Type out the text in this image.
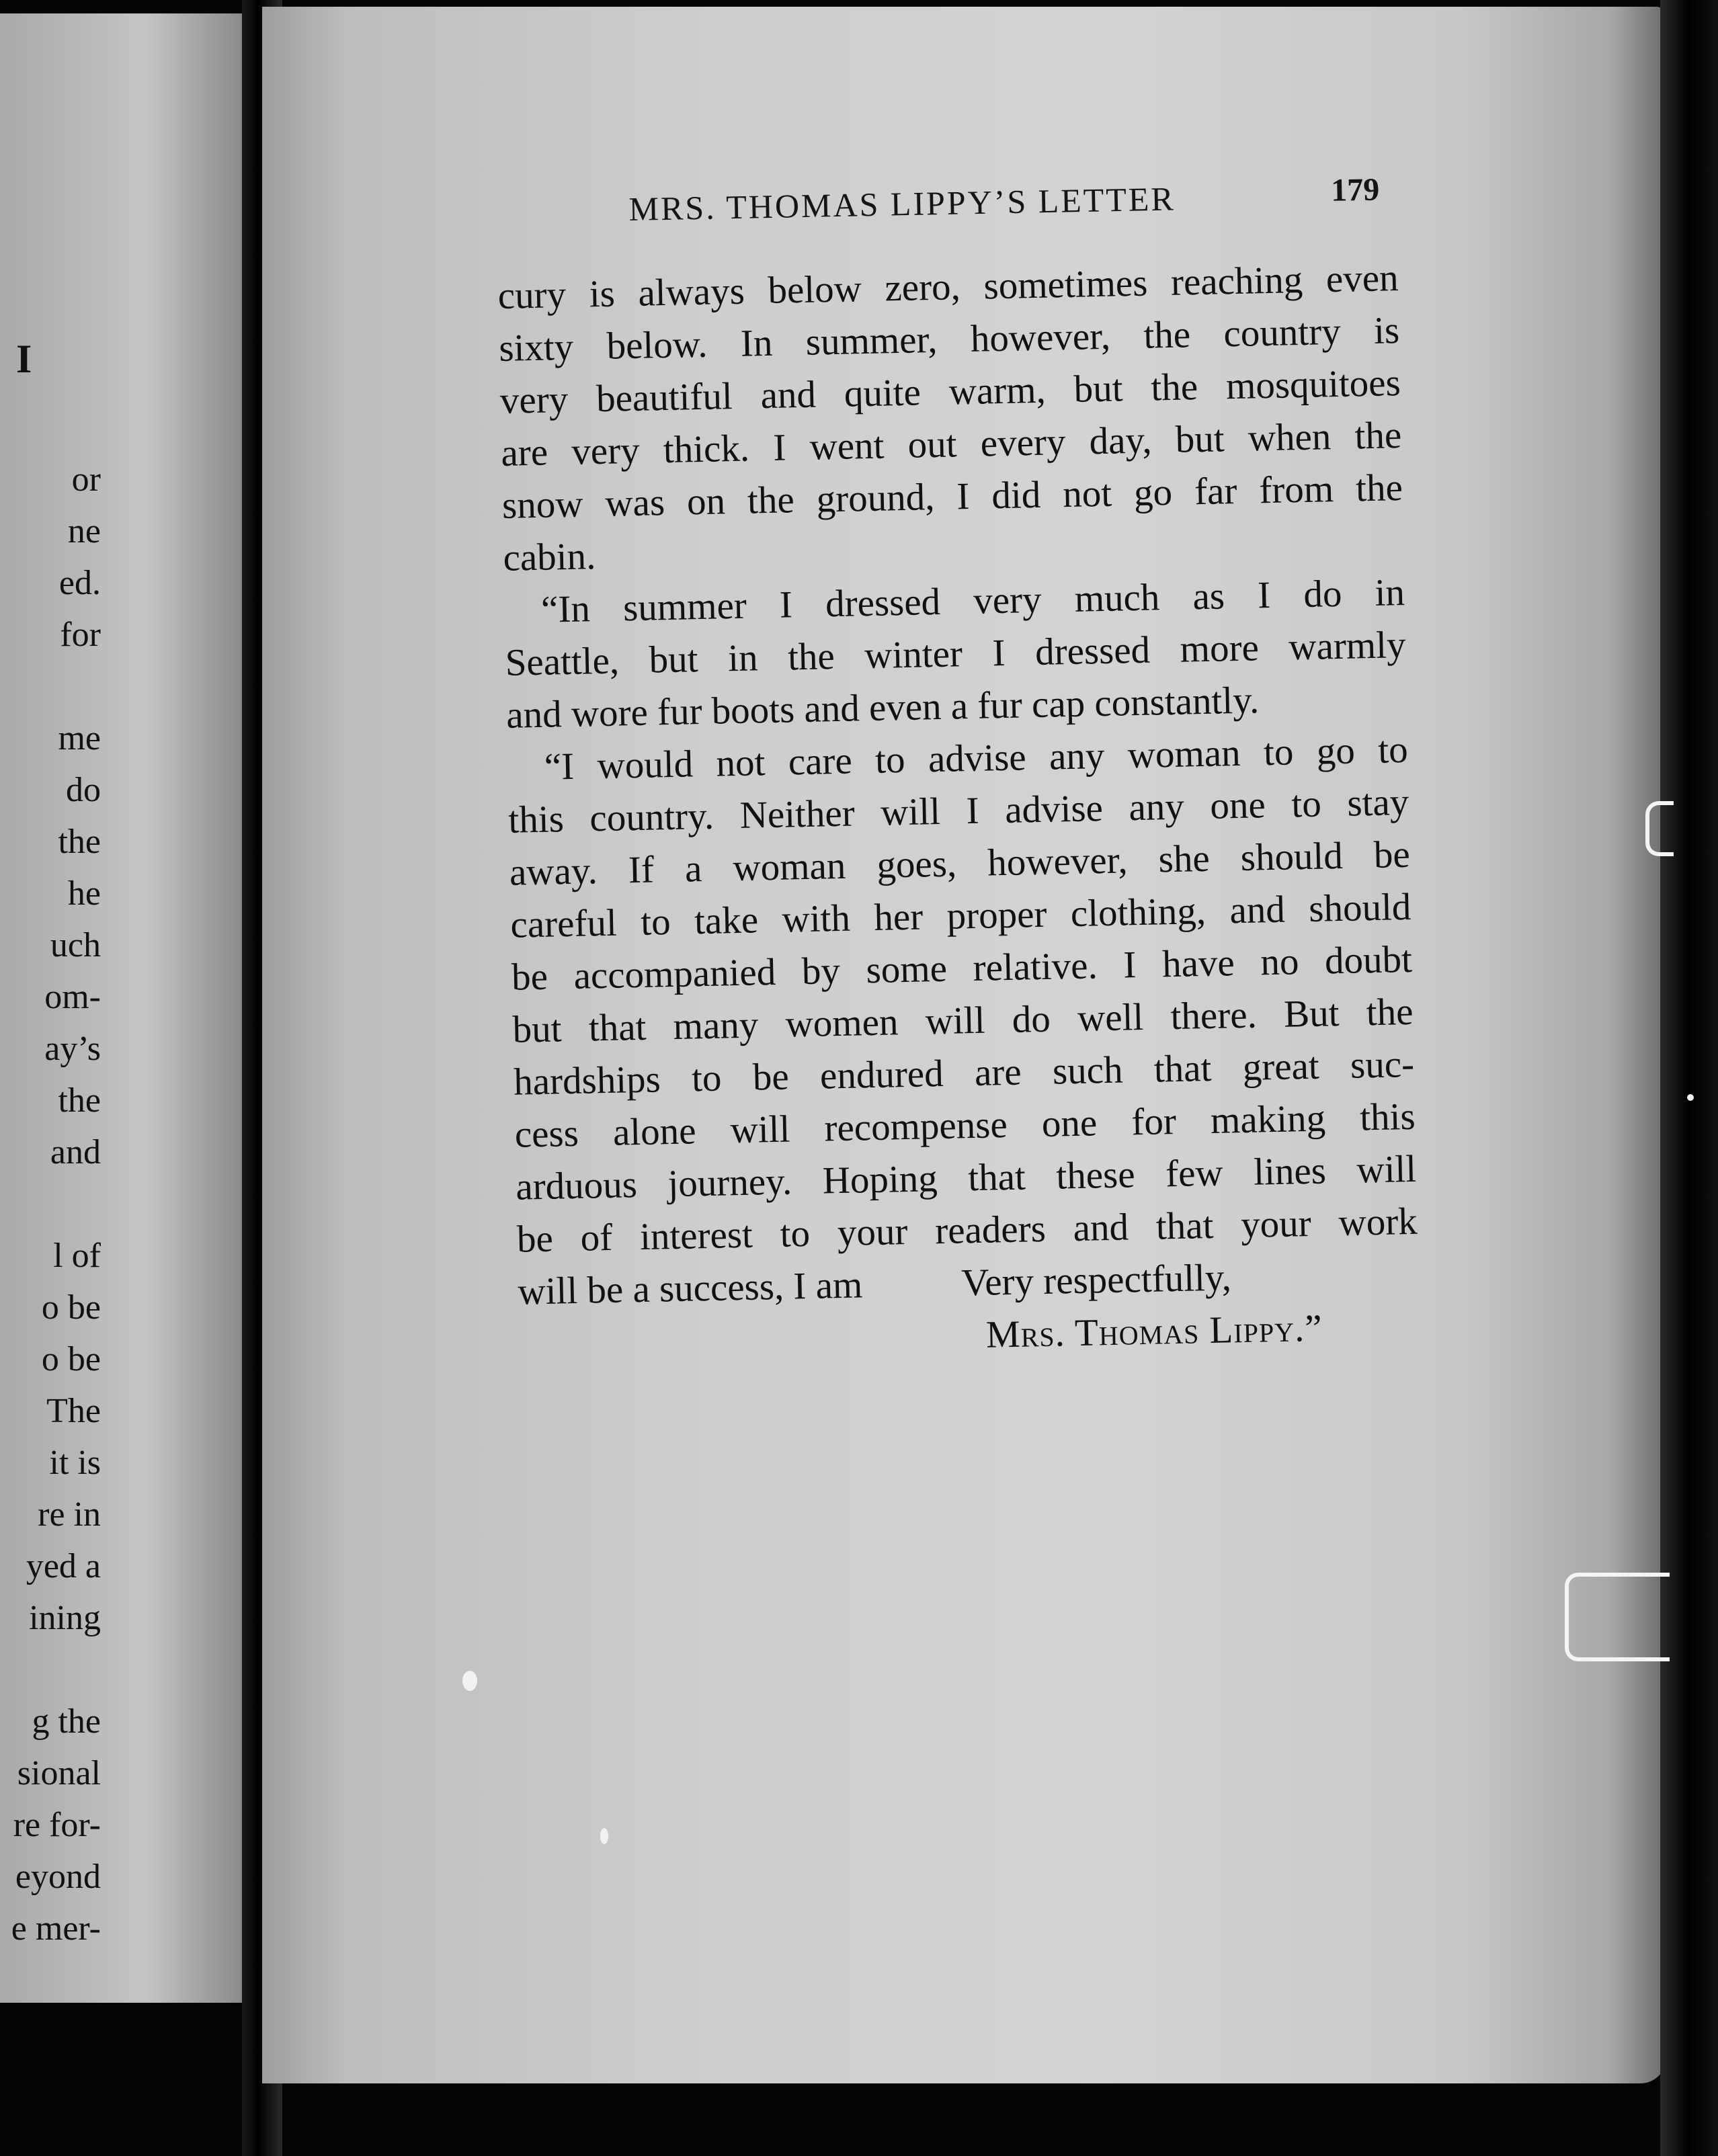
I
or
ne
ed.
for
me
do
the
he
uch
om-
ay’s
the
and
l of
o be
o be
The
it is
re in
yed a
ining
g the
sional
re for-
eyond
e mer-
MRS. THOMAS LIPPY’S LETTER	179
cury is always below zero, sometimes reaching even
sixty below. In summer, however, the country is
very beautiful and quite warm, but the mosquitoes
are very thick. I went out every day, but when the
snow was on the ground, I did not go far from the
cabin.
“In summer I dressed very much as I do in
Seattle, but in the winter I dressed more warmly
and wore fur boots and even a fur cap constantly.
“I would not care to advise any woman to go to
this country. Neither will I advise any one to stay
away. If a woman goes, however, she should be
careful to take with her proper clothing, and should
be accompanied by some relative. I have no doubt
but that many women will do well there. But the
hardships to be endured are such that great suc-
cess alone will recompense one for making this
arduous journey. Hoping that these few lines will
be of interest to your readers and that your work
will be a success, I am	Very respectfully,
Mrs. Thomas Lippy.”
